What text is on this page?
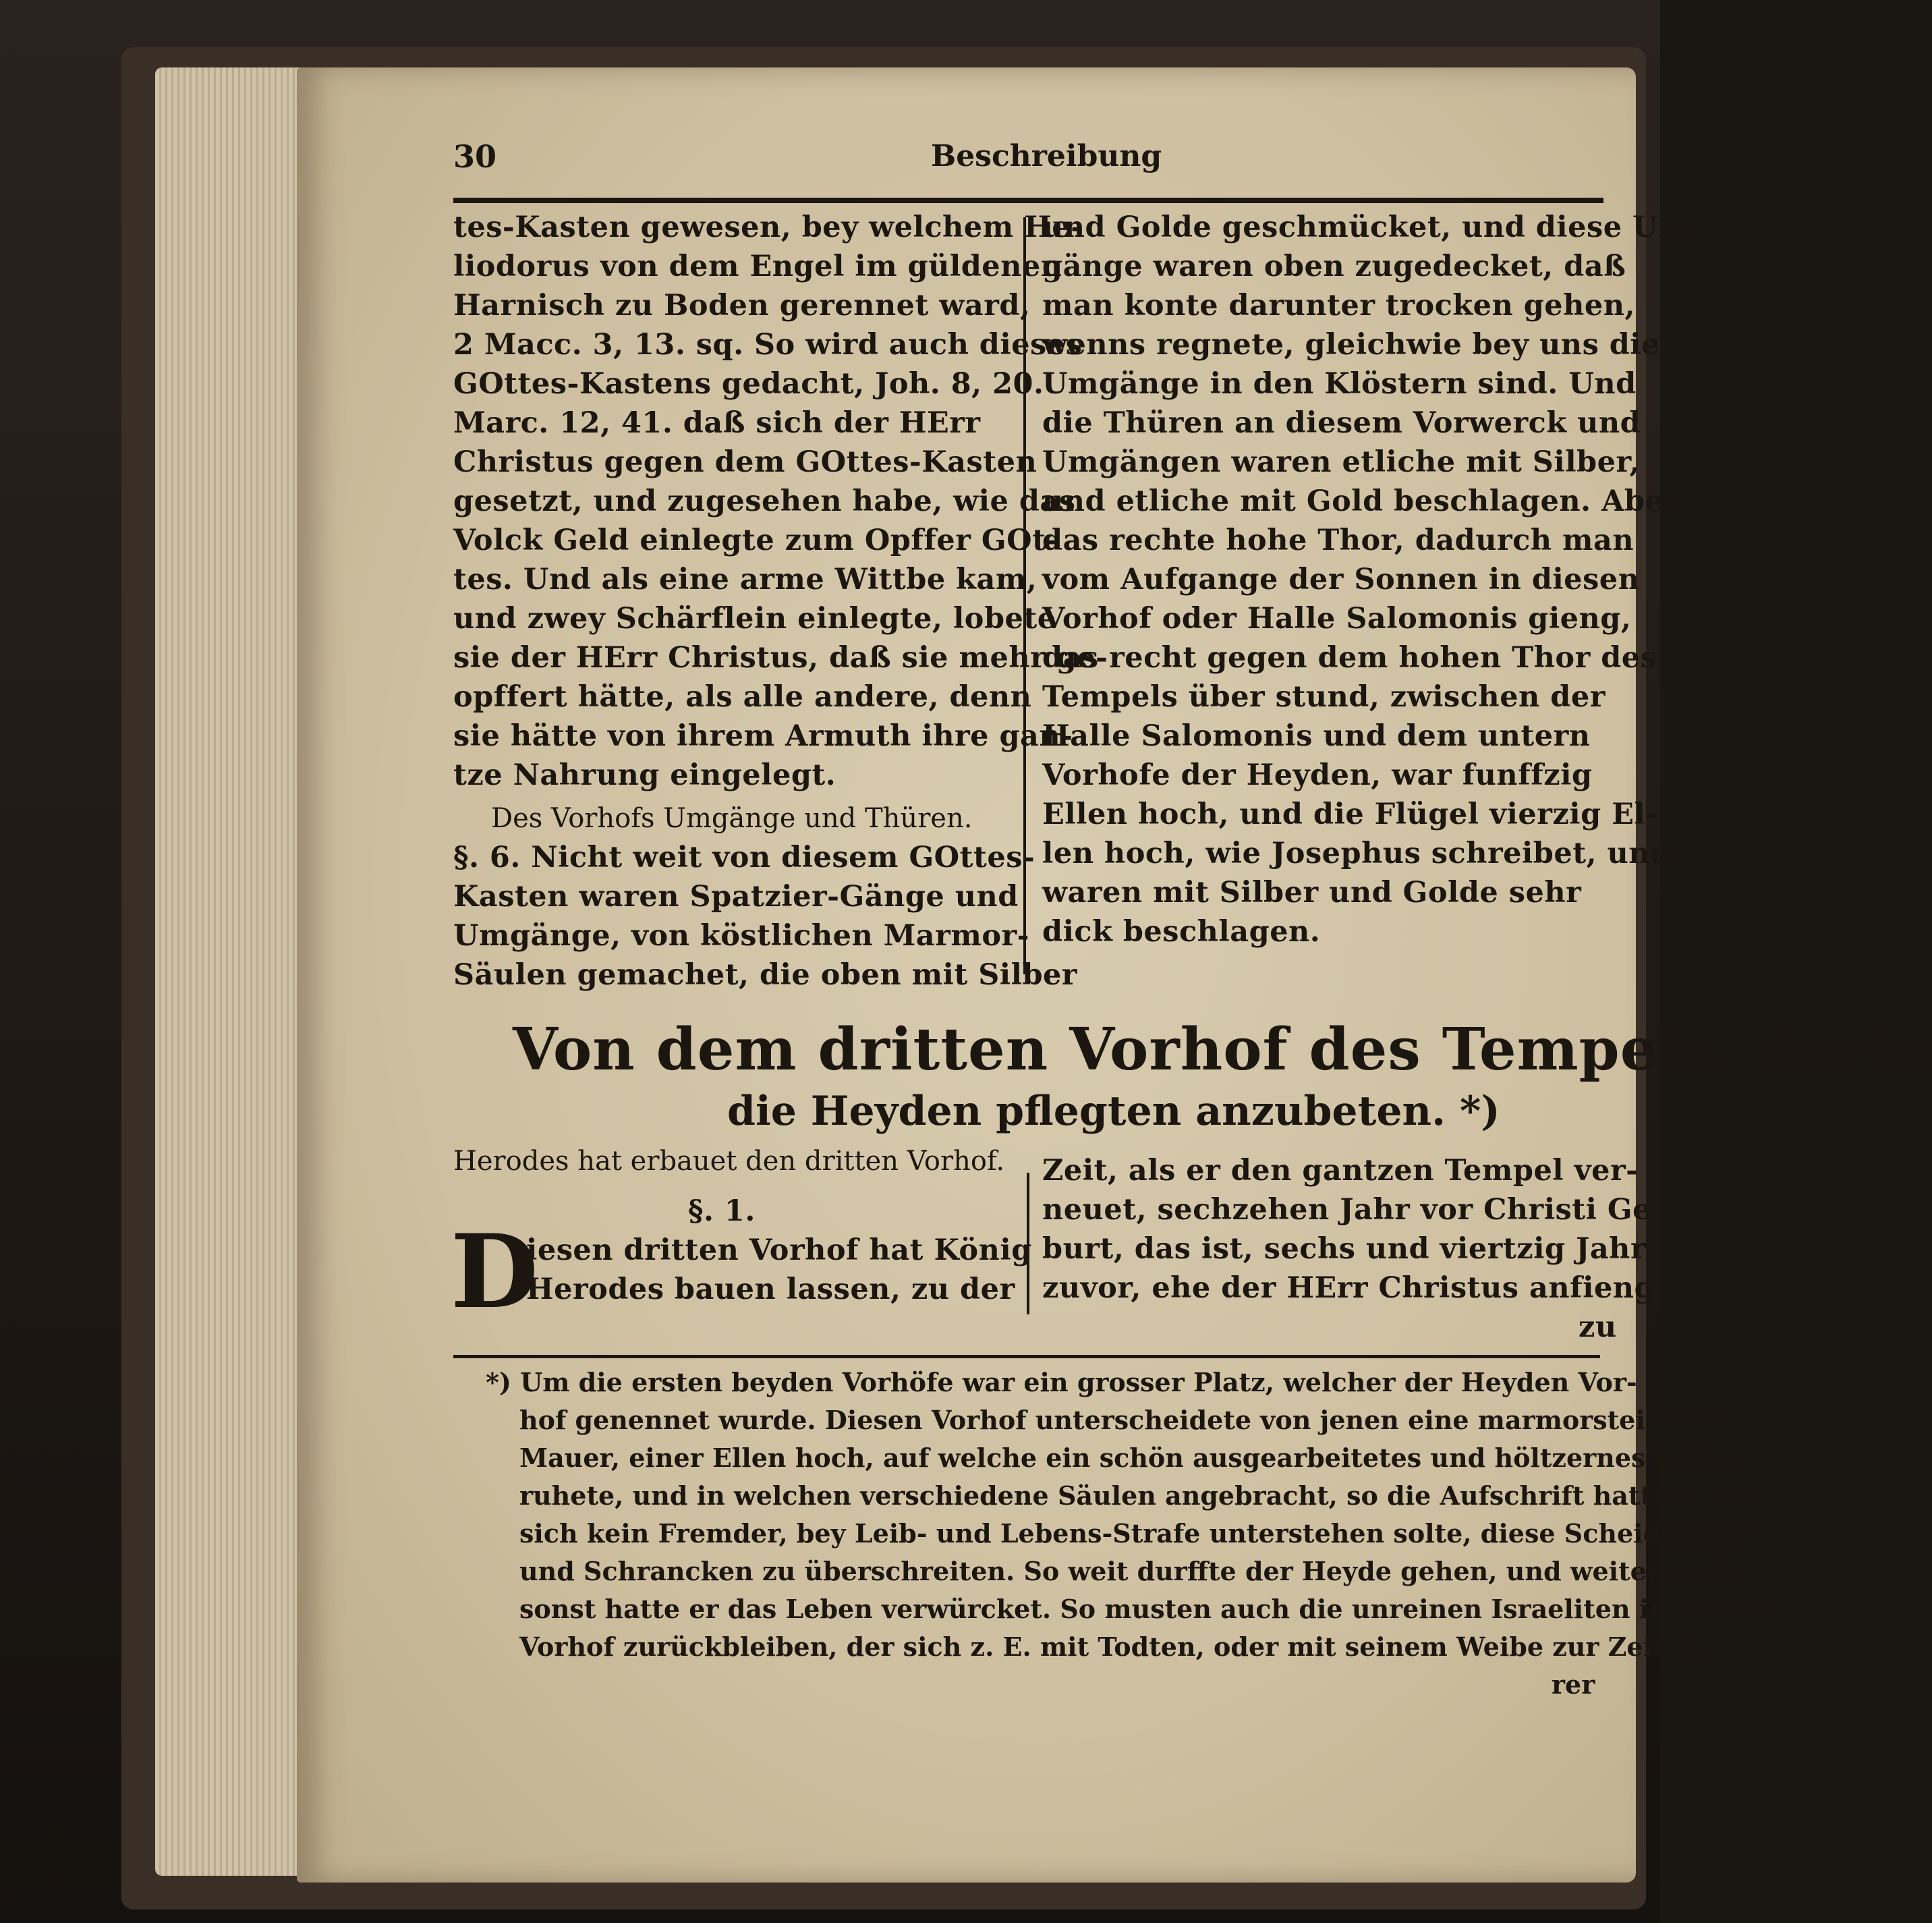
30	Beschreibung
tes-Kasten gewesen, bey welchem He-
liodorus von dem Engel im güldenen
Harnisch zu Boden gerennet ward,
2 Macc. 3, 13. sq. So wird auch dieses
GOttes-Kastens gedacht, Joh. 8, 20.
Marc. 12, 41. daß sich der HErr
Christus gegen dem GOttes-Kasten
gesetzt, und zugesehen habe, wie das
Volck Geld einlegte zum Opffer GOt-
tes. Und als eine arme Wittbe kam,
und zwey Schärflein einlegte, lobete
sie der HErr Christus, daß sie mehr ge-
opffert hätte, als alle andere, denn
sie hätte von ihrem Armuth ihre gan-
tze Nahrung eingelegt.
Des Vorhofs Umgänge und Thüren.
§. 6. Nicht weit von diesem GOttes-
Kasten waren Spatzier-Gänge und
Umgänge, von köstlichen Marmor-
Säulen gemachet, die oben mit Silber
und Golde geschmücket, und diese Um-
gänge waren oben zugedecket, daß
man konte darunter trocken gehen,
wenns regnete, gleichwie bey uns die
Umgänge in den Klöstern sind. Und
die Thüren an diesem Vorwerck und
Umgängen waren etliche mit Silber,
und etliche mit Gold beschlagen. Aber
das rechte hohe Thor, dadurch man
vom Aufgange der Sonnen in diesen
Vorhof oder Halle Salomonis gieng,
das recht gegen dem hohen Thor des
Tempels über stund, zwischen der
Halle Salomonis und dem untern
Vorhofe der Heyden, war funffzig
Ellen hoch, und die Flügel vierzig El-
len hoch, wie Josephus schreibet, und
waren mit Silber und Golde sehr
dick beschlagen.
Von dem dritten Vorhof des Tempels, darin
die Heyden pflegten anzubeten. *)
Herodes hat erbauet den dritten Vorhof.
§. 1.
D
iesen dritten Vorhof hat König
Herodes bauen lassen, zu der
Zeit, als er den gantzen Tempel ver-
neuet, sechzehen Jahr vor Christi Ge-
burt, das ist, sechs und viertzig Jahr
zuvor, ehe der HErr Christus anfieng
zu
*) Um die ersten beyden Vorhöfe war ein grosser Platz, welcher der Heyden Vor-
hof genennet wurde. Diesen Vorhof unterscheidete von jenen eine marmorsteinerne
Mauer, einer Ellen hoch, auf welche ein schön ausgearbeitetes und höltzernes Gitter
ruhete, und in welchen verschiedene Säulen angebracht, so die Aufschrift hatten: Daß
sich kein Fremder, bey Leib- und Lebens-Strafe unterstehen solte, diese Scheidewand
und Schrancken zu überschreiten. So weit durffte der Heyde gehen, und weiter nicht,
sonst hatte er das Leben verwürcket. So musten auch die unreinen Israeliten in diesem
Vorhof zurückbleiben, der sich z. E. mit Todten, oder mit seinem Weibe zur Zeit ih-
rer
